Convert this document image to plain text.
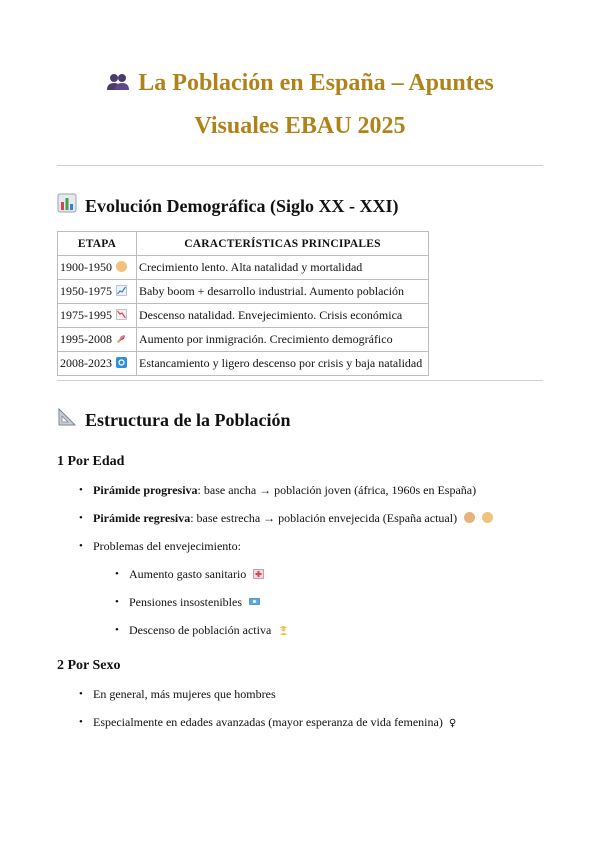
La Población en España – Apuntes
Visuales EBAU 2025
Evolución Demográfica (Siglo XX - XXI)
ETAPA	CARACTERÍSTICAS PRINCIPALES
1900-1950	Crecimiento lento. Alta natalidad y mortalidad
1950-1975	Baby boom + desarrollo industrial. Aumento población
1975-1995	Descenso natalidad. Envejecimiento. Crisis económica
1995-2008	Aumento por inmigración. Crecimiento demográfico
2008-2023	Estancamiento y ligero descenso por crisis y baja natalidad
Estructura de la Población
1 Por Edad
• Pirámide progresiva: base ancha → población joven (áfrica, 1960s en España)
• Pirámide regresiva: base estrecha → población envejecida (España actual)
• Problemas del envejecimiento:
• Aumento gasto sanitario
• Pensiones insostenibles
• Descenso de población activa
2 Por Sexo
• En general, más mujeres que hombres
• Especialmente en edades avanzadas (mayor esperanza de vida femenina) ♀
